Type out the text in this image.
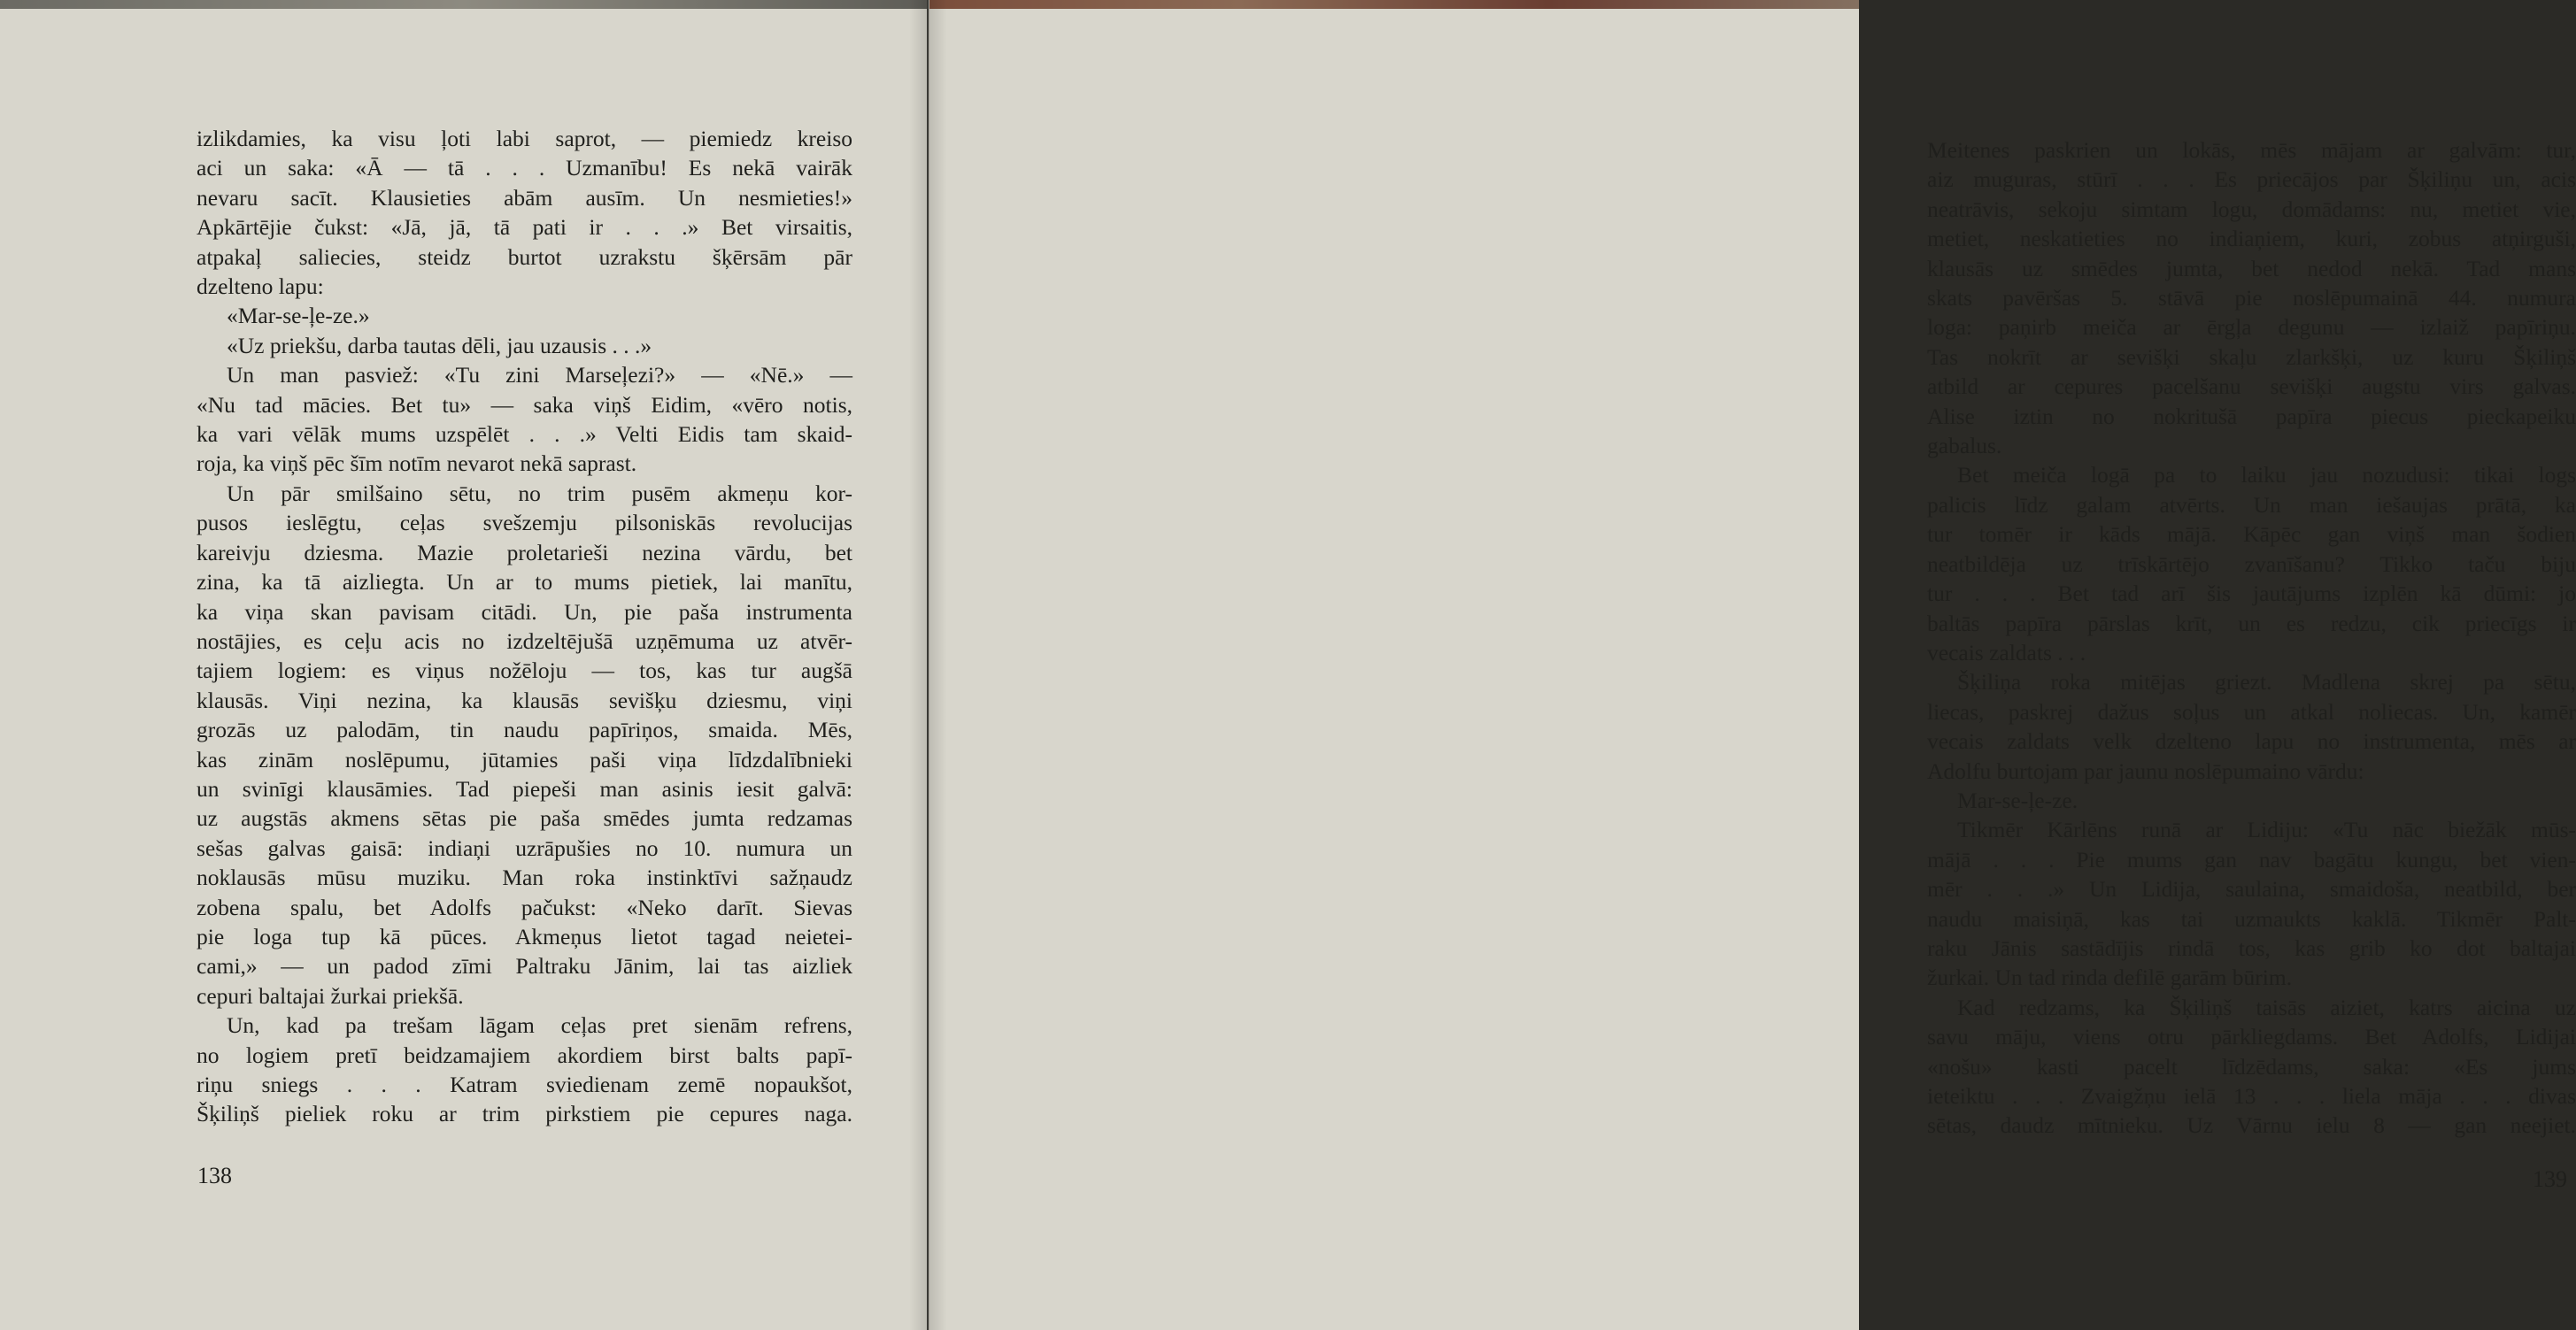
izlikdamies, ka visu ļoti labi saprot, — piemiedz kreiso
aci un saka: «Ā — tā . . . Uzmanību! Es nekā vairāk
nevaru sacīt. Klausieties abām ausīm. Un nesmieties!»
Apkārtējie čukst: «Jā, jā, tā pati ir . . .» Bet virsaitis,
atpakaļ saliecies, steidz burtot uzrakstu šķērsām pār
dzelteno lapu:
«Mar-se-ļe-ze.»
«Uz priekšu, darba tautas dēli, jau uzausis . . .»
Un man pasviež: «Tu zini Marseļezi?» — «Nē.» —
«Nu tad mācies. Bet tu» — saka viņš Eidim, «vēro notis,
ka vari vēlāk mums uzspēlēt . . .» Velti Eidis tam skaid-
roja, ka viņš pēc šīm notīm nevarot nekā saprast.
Un pār smilšaino sētu, no trim pusēm akmeņu kor-
pusos ieslēgtu, ceļas svešzemju pilsoniskās revolucijas
kareivju dziesma. Mazie proletarieši nezina vārdu, bet
zina, ka tā aizliegta. Un ar to mums pietiek, lai manītu,
ka viņa skan pavisam citādi. Un, pie paša instrumenta
nostājies, es ceļu acis no izdzeltējušā uzņēmuma uz atvēr-
tajiem logiem: es viņus nožēloju — tos, kas tur augšā
klausās. Viņi nezina, ka klausās sevišķu dziesmu, viņi
grozās uz palodām, tin naudu papīriņos, smaida. Mēs,
kas zinām noslēpumu, jūtamies paši viņa līdzdalībnieki
un svinīgi klausāmies. Tad piepeši man asinis iesit galvā:
uz augstās akmens sētas pie paša smēdes jumta redzamas
sešas galvas gaisā: indiaņi uzrāpušies no 10. numura un
noklausās mūsu muziku. Man roka instinktīvi sažņaudz
zobena spalu, bet Adolfs pačukst: «Neko darīt. Sievas
pie loga tup kā pūces. Akmeņus lietot tagad neietei-
cami,» — un padod zīmi Paltraku Jānim, lai tas aizliek
cepuri baltajai žurkai priekšā.
Un, kad pa trešam lāgam ceļas pret sienām refrens,
no logiem pretī beidzamajiem akordiem birst balts papī-
riņu sniegs . . . Katram sviedienam zemē nopaukšot,
Šķiliņš pieliek roku ar trim pirkstiem pie cepures naga.
138
Meitenes paskrien un lokās, mēs mājam ar galvām: tur,
aiz muguras, stūrī . . . Es priecājos par Šķiliņu un, acis
neatrāvis, sekoju simtam logu, domādams: nu, metiet vie,
metiet, neskatieties no indiaņiem, kuri, zobus atņirguši,
klausās uz smēdes jumta, bet nedod nekā. Tad mans
skats pavēršas 5. stāvā pie noslēpumainā 44. numura
loga: paņirb meiča ar ērgļa degunu — izlaiž papīriņu.
Tas nokrīt ar sevišķi skaļu zlarkšķi, uz kuru Šķiliņš
atbild ar cepures pacelšanu sevišķi augstu virs galvas.
Alise iztin no nokritušā papīra piecus pieckapeiku
gabalus.
Bet meiča logā pa to laiku jau nozudusi: tikai logs
palicis līdz galam atvērts. Un man iešaujas prātā, ka
tur tomēr ir kāds mājā. Kāpēc gan viņš man šodien
neatbildēja uz trīskārtējo zvanīšanu? Tikko taču biju
tur . . . Bet tad arī šis jautājums izplēn kā dūmi: jo
baltās papīra pārslas krīt, un es redzu, cik priecīgs ir
vecais zaldats . . .
Šķiliņa roka mitējas griezt. Madlena skrej pa sētu,
liecas, paskrej dažus soļus un atkal noliecas. Un, kamēr
vecais zaldats velk dzelteno lapu no instrumenta, mēs ar
Adolfu burtojam par jaunu noslēpumaino vārdu:
Mar-se-ļe-ze.
Tikmēr Kārlēns runā ar Lidiju: «Tu nāc biežāk mūs-
mājā . . . Pie mums gan nav bagātu kungu, bet vien-
mēr . . .» Un Lidija, saulaina, smaidoša, neatbild, ber
naudu maisiņā, kas tai uzmaukts kaklā. Tikmēr Palt-
raku Jānis sastādījis rindā tos, kas grib ko dot baltajai
žurkai. Un tad rinda defilē garām būrim.
Kad redzams, ka Šķiliņš taisās aiziet, katrs aicina uz
savu māju, viens otru pārkliegdams. Bet Adolfs, Lidijai
«nošu» kasti pacelt līdzēdams, saka: «Es jums
ieteiktu . . . Zvaigžņu ielā 13 . . . liela māja . . . divas
sētas, daudz mītnieku. Uz Vārnu ielu 8 — gan neejiet.
139
